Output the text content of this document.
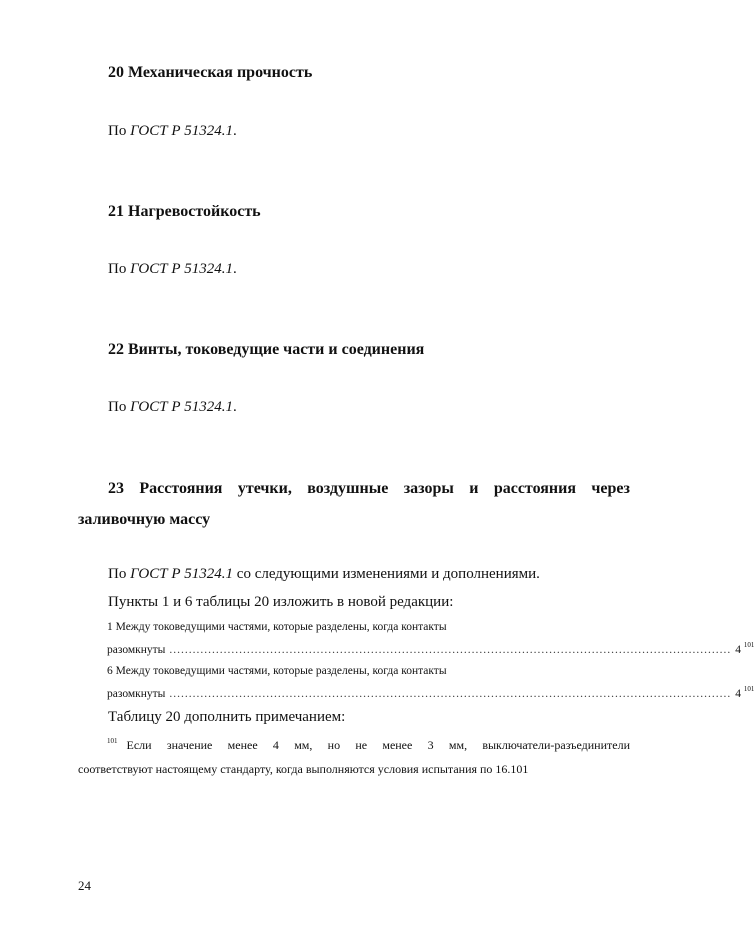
20 Механическая прочность
По ГОСТ Р 51324.1.
21 Нагревостойкость
По ГОСТ Р 51324.1.
22 Винты, токоведущие части и соединения
По ГОСТ Р 51324.1.
23 Расстояния утечки, воздушные зазоры и расстояния через
заливочную массу
По ГОСТ Р 51324.1 со следующими изменениями и дополнениями.
Пункты 1 и 6 таблицы 20 изложить в новой редакции:
1 Между токоведущими частями, которые разделены, когда контакты
разомкнуты ................................................................................................................................................. 4 $^{101}$
6 Между токоведущими частями, которые разделены, когда контакты
разомкнуты ................................................................................................................................................. 4 $^{101}$
Таблицу 20 дополнить примечанием:
$^{101}$ Если значение менее 4 мм, но не менее 3 мм, выключатели-разъединители
соответствуют настоящему стандарту, когда выполняются условия испытания по 16.101
24
